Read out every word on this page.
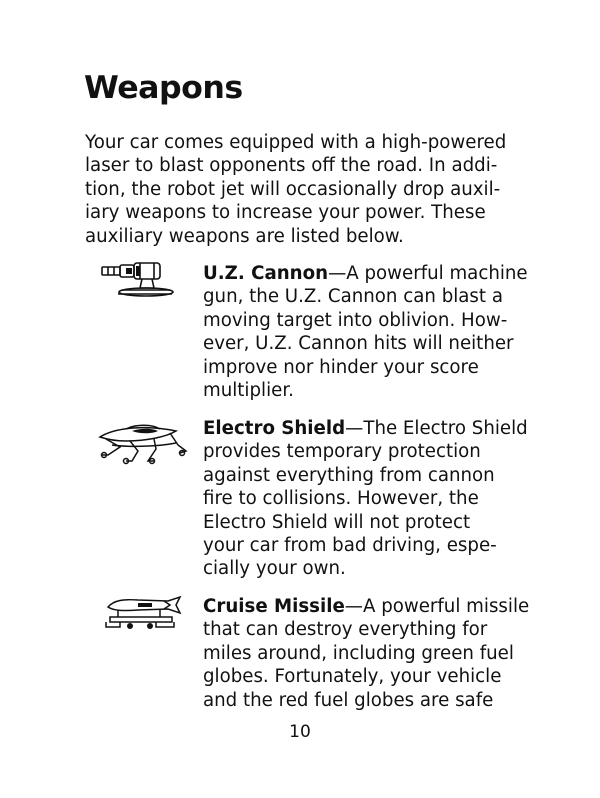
Weapons
Your car comes equipped with a high-powered
laser to blast opponents off the road. In addi-
tion, the robot jet will occasionally drop auxil-
iary weapons to increase your power. These
auxiliary weapons are listed below.
U.Z. Cannon—A powerful machine
gun, the U.Z. Cannon can blast a
moving target into oblivion. How-
ever, U.Z. Cannon hits will neither
improve nor hinder your score
multiplier.
Electro Shield—The Electro Shield
provides temporary protection
against everything from cannon
fire to collisions. However, the
Electro Shield will not protect
your car from bad driving, espe-
cially your own.
Cruise Missile—A powerful missile
that can destroy everything for
miles around, including green fuel
globes. Fortunately, your vehicle
and the red fuel globes are safe
10
